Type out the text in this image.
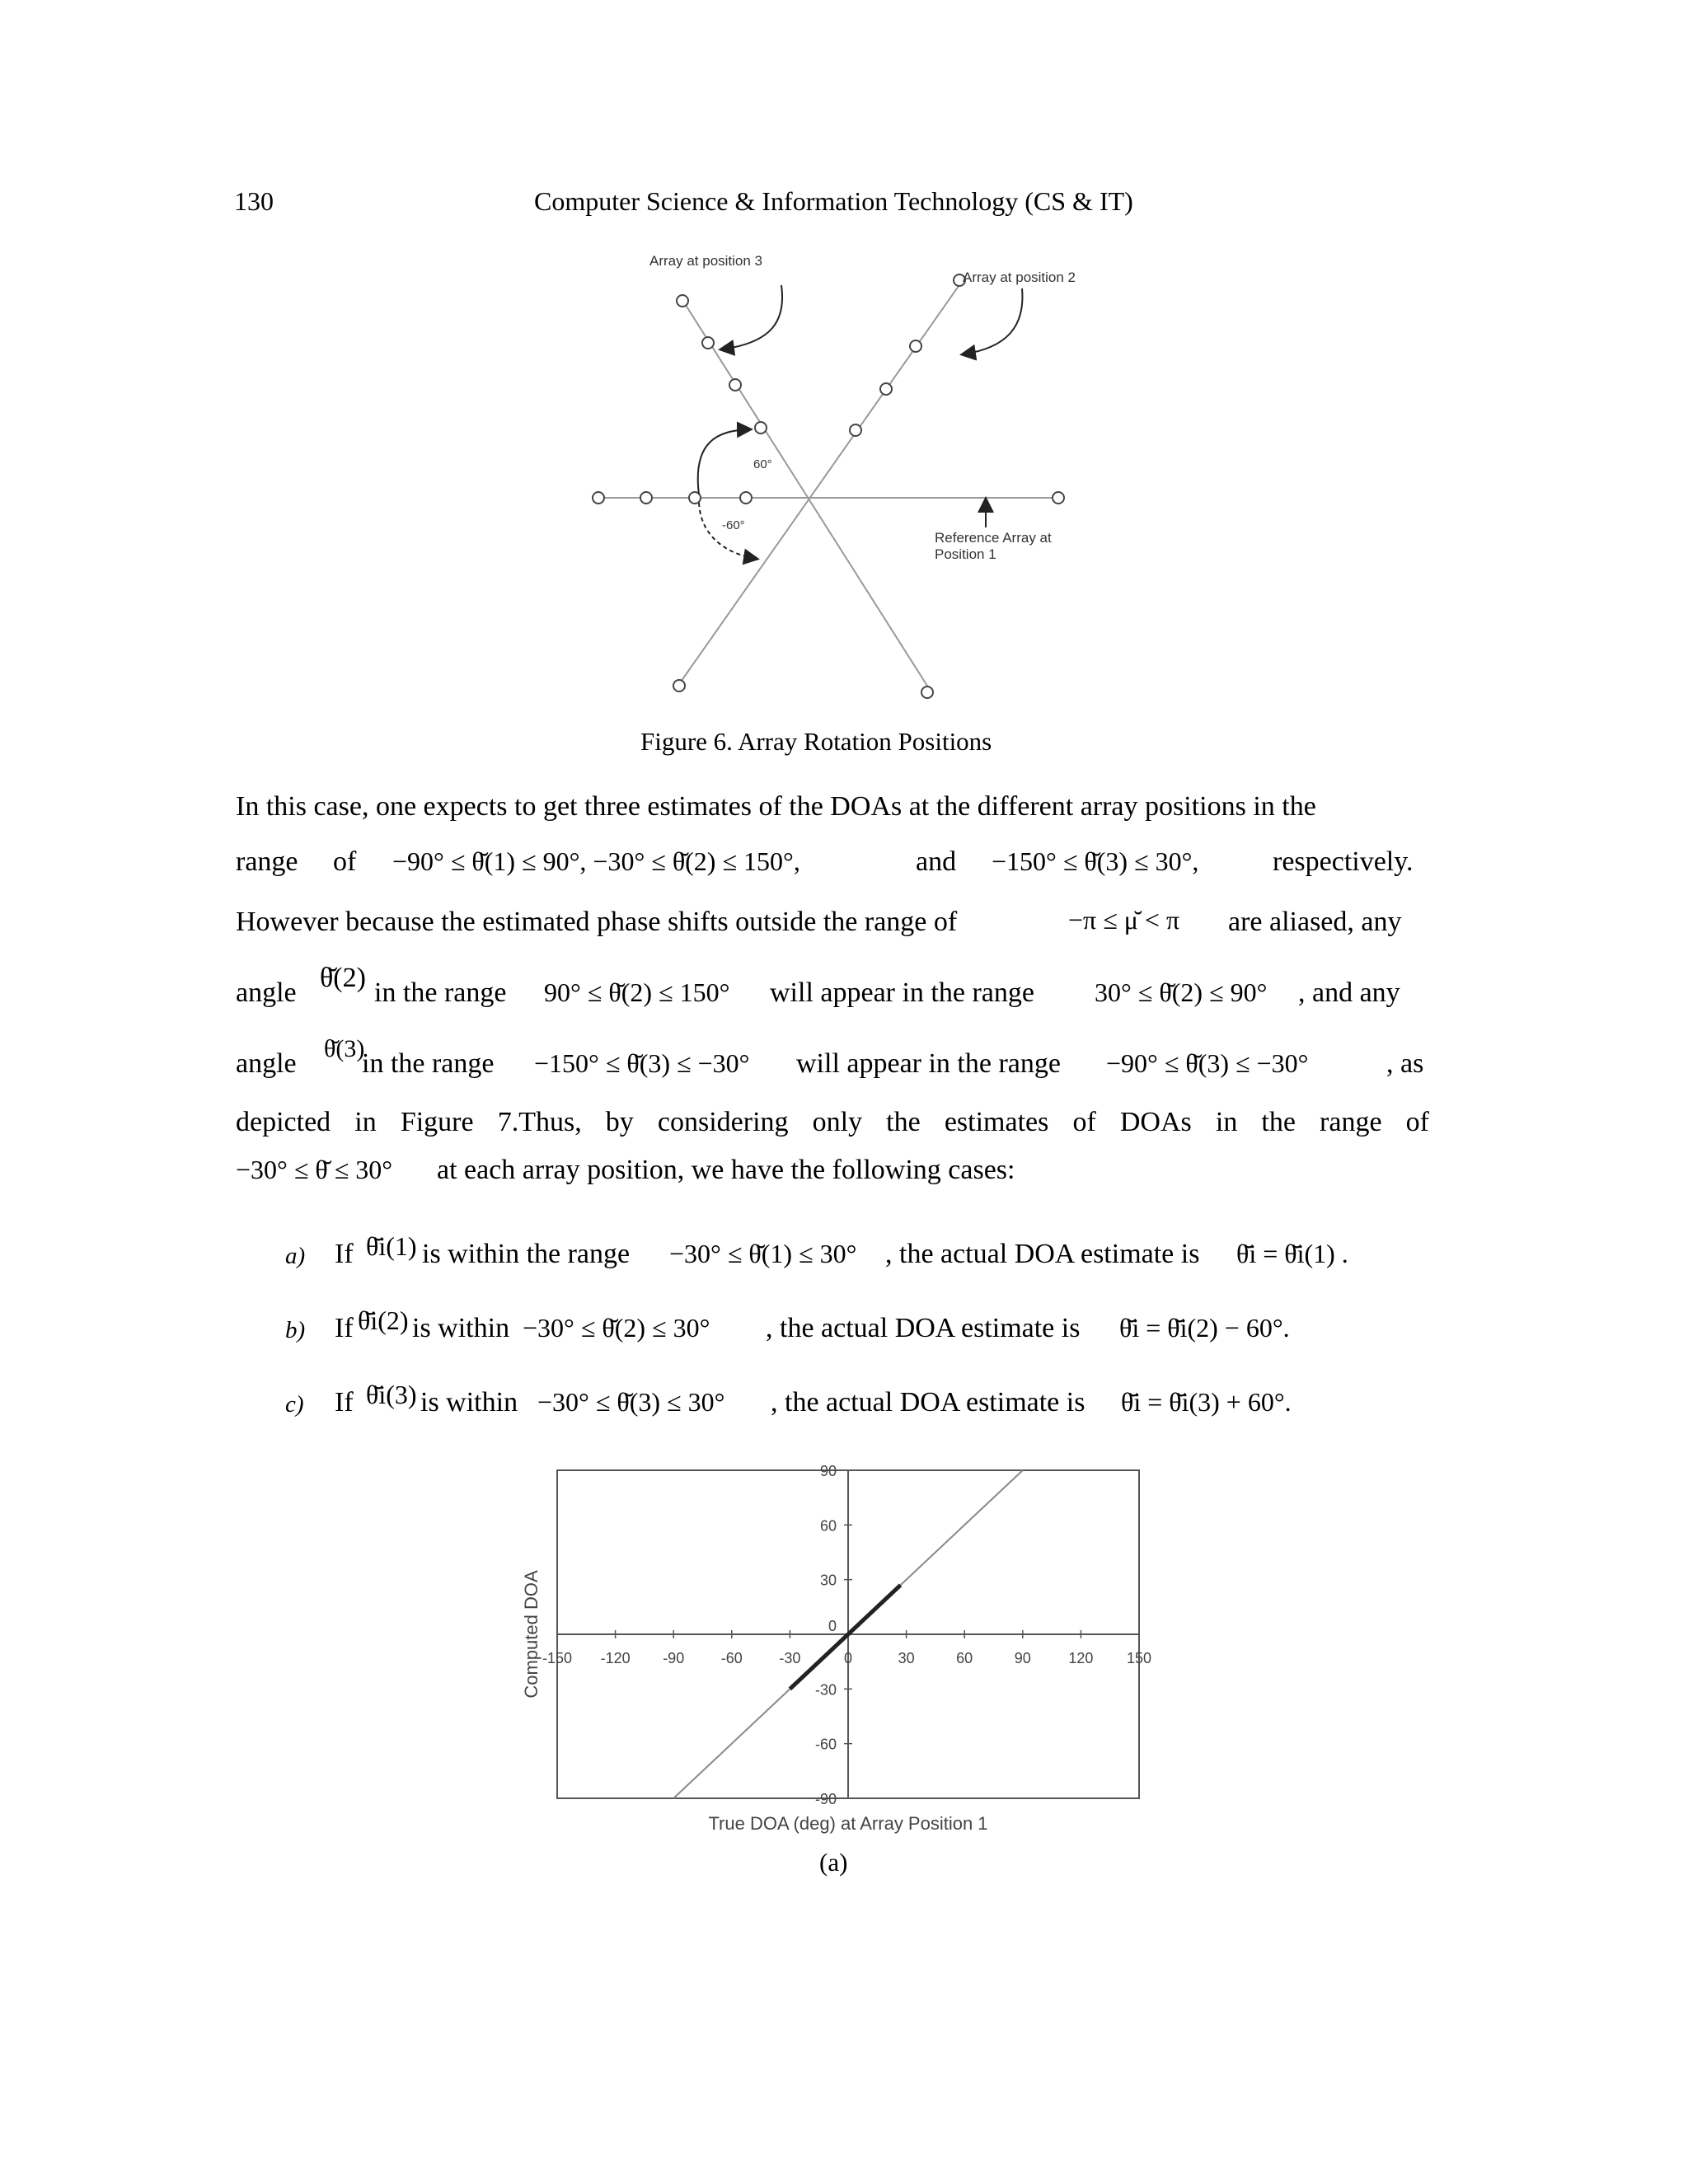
130	Computer Science & Information Technology (CS & IT)
Array at position 3
Array at position 2
60°
-60°
Reference Array at
Position 1
Figure 6. Array Rotation Positions
In this case, one expects to get three estimates of the DOAs at the different array positions in the
range of −90° ≤ θ̆(1) ≤ 90°, −30° ≤ θ̆(2) ≤ 150°,	and −150° ≤ θ̆(3) ≤ 30°,	respectively.
However because the estimated phase shifts outside the range of	−π ≤ μ̆ < π are aliased, any
angle θ̆(2) in the range 90° ≤ θ̆(2) ≤ 150° will appear in the range 30° ≤ θ̆(2) ≤ 90° , and any
angle θ̆(3)
in the range −150° ≤ θ̆(3) ≤ −30° will appear in the range −90° ≤ θ̆(3) ≤ −30°	, as
depicted in Figure 7.Thus, by considering only the estimates of DOAs in the range of
−30° ≤ θ̆ ≤ 30° at each array position, we have the following cases:
a) If θ̆i(1) is within the range −30° ≤ θ̆(1) ≤ 30° , the actual DOA estimate is θ̆i = θ̆i(1) .
b) If θ̆i(2) is within −30° ≤ θ̆(2) ≤ 30° , the actual DOA estimate is θ̆i = θ̆i(2) − 60°.
c) If θ̆i(3) is within −30° ≤ θ̆(3) ≤ 30° , the actual DOA estimate is θ̆i = θ̆i(3) + 60°.
-150 -120 -90 -60 -30	0	30	60	90	120 150
90
60
30
-30
-60
-90
0
True DOA (deg) at Array Position 1
Computed DOA
(a)
